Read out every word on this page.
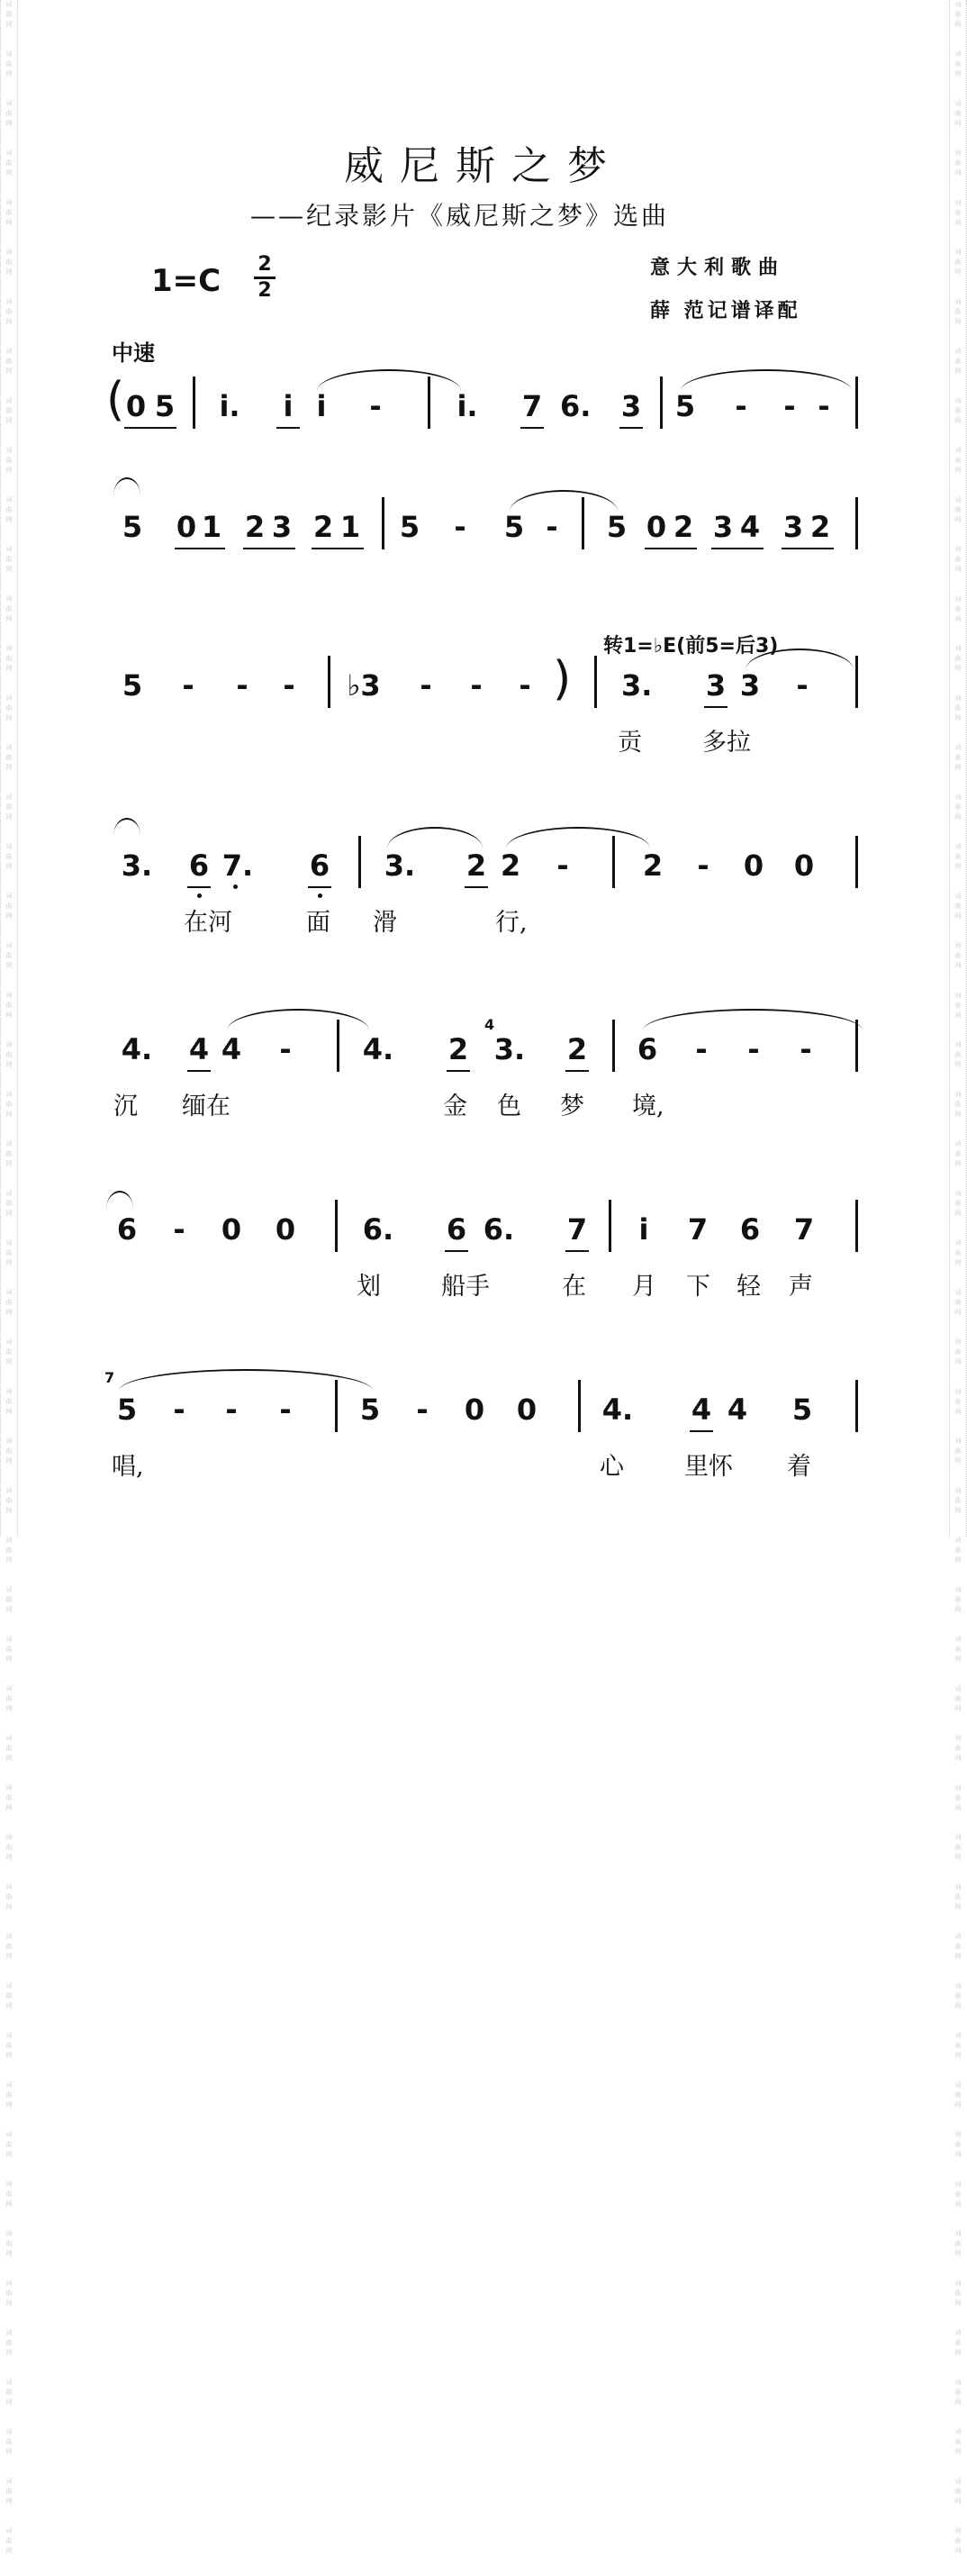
词
曲
网
词
曲
网
词
曲
网
词
曲
网
词
曲
网
词
曲
网
词
曲
网
词
曲
网
词
曲
网
词
曲
网
词
曲
网
词
曲
网
词
曲
网
词
曲
网
词
曲
网
词
曲
网
词
曲
网
词
曲
网
词
曲
网
词
曲
网
词
曲
网
词
曲
网
词
曲
网
词
曲
网
词
曲
网
词
曲
网
词
曲
网
词
曲
网
词
曲
网
词
曲
网
词
曲
网
词
曲
网
词
曲
网
词
曲
网
词
曲
网
词
曲
网
词
曲
网
词
曲
网
词
曲
网
词
曲
网
词
曲
网
词
曲
网
词
曲
网
词
曲
网
词
曲
网
词
曲
网
词
曲
网
词
曲
网
词
曲
网
词
曲
网
词
曲
网
词
曲
网
词
曲
网
词
曲
网
词
曲
网
词
曲
网
词
曲
网
词
曲
网
词
曲
网
词
曲
网
词
曲
网
词
曲
网
词
曲
网
词
曲
网
词
曲
网
词
曲
网
词
曲
网
词
曲
网
词
曲
网
词
曲
网
词
曲
网
词
曲
网
词
曲
网
词
曲
网
词
曲
网
词
曲
网
词
曲
网
词
曲
网
词
曲
网
词
曲
网
词
曲
网
词
曲
网
词
曲
网
词
曲
网
词
曲
网
词
曲
网
词
曲
网
词
曲
网
词
曲
网
词
曲
网
词
曲
网
词
曲
网
词
曲
网
词
曲
网
词
曲
网
词
曲
网
词
曲
网
词
曲
网
词
曲
网
词
曲
网
词
曲
网
词
曲
网
词
曲
网
词
曲
网
威尼斯之梦
——纪录影片《威尼斯之梦》选曲
1=C 2
2
意大利歌曲
薛 范记谱译配
中速
转1=♭E(前5=后3)
( 0 5 i. i i -	i. 7 6. 3 5 - - -
5 0 1 2 3 2 1 5 - 5 - 5 0 2 3 4 3 2
5 - - - ♭3 - - - ) 3. 3 3 -
贡 多拉
3. 6 7. 6 3. 2 2 -	2 - 0 0
在河	面 滑	行,
4. 4 4 - 4. 2
4
3. 2 6 - - -
沉 缅在	金 色 梦 境,
6 - 0 0 6. 6 6. 7 i 7 6 7
划 船手	在 月 下 轻 声
7
5 - - - 5 - 0 0 4. 4 4 5
唱,	心 里怀 着
